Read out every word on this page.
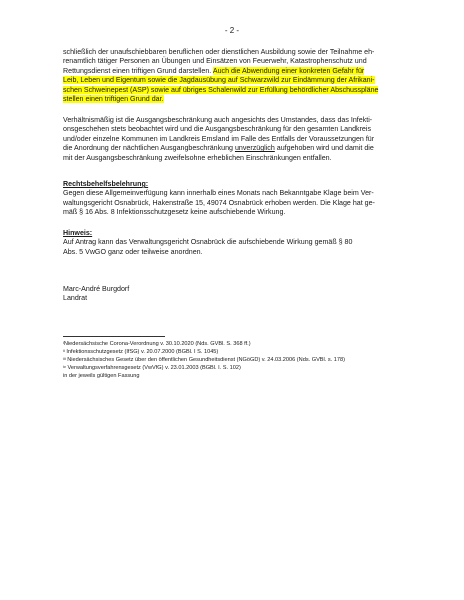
- 2 -
schließlich der unaufschiebbaren beruflichen oder dienstlichen Ausbildung sowie der Teilnahme eh-
renamtlich tätiger Personen an Übungen und Einsätzen von Feuerwehr, Katastrophenschutz und
Rettungsdienst einen triftigen Grund darstellen. Auch die Abwendung einer konkreten Gefahr für
Leib, Leben und Eigentum sowie die Jagdausübung auf Schwarzwild zur Eindämmung der Afrikani-
schen Schweinepest (ASP) sowie auf übriges Schalenwild zur Erfüllung behördlicher Abschusspläne
stellen einen triftigen Grund dar.
Verhältnismäßig ist die Ausgangsbeschränkung auch angesichts des Umstandes, dass das Infekti-
onsgeschehen stets beobachtet wird und die Ausgangsbeschränkung für den gesamten Landkreis
und/oder einzelne Kommunen im Landkreis Emsland im Falle des Entfalls der Voraussetzungen für
die Anordnung der nächtlichen Ausgangbeschränkung unverzüglich aufgehoben wird und damit die
mit der Ausgangsbeschränkung zweifelsohne erheblichen Einschränkungen entfallen.
Rechtsbehelfsbelehrung:
Gegen diese Allgemeinverfügung kann innerhalb eines Monats nach Bekanntgabe Klage beim Ver-
waltungsgericht Osnabrück, Hakenstraße 15, 49074 Osnabrück erhoben werden. Die Klage hat ge-
mäß § 16 Abs. 8 Infektionsschutzgesetz keine aufschiebende Wirkung.
Hinweis:
Auf Antrag kann das Verwaltungsgericht Osnabrück die aufschiebende Wirkung gemäß § 80
Abs. 5 VwGO ganz oder teilweise anordnen.
Marc-André Burgdorf
Landrat
$^i$Niedersächsische Corona-Verordnung v. 30.10.2020 (Nds. GVBl. S. 368 ff.)
$^{ii}$ Infektionsschutzgesetz (IfSG) v. 20.07.2000 (BGBl. I S. 1045)
$^{iii}$ Niedersächsisches Gesetz über den öffentlichen Gesundheitsdienst (NGöGD) v. 24.03.2006 (Nds. GVBl. s. 178)
$^{iv}$ Verwaltungsverfahrensgesetz (VwVfG) v. 23.01.2003 (BGBl. I. S. 102)
in der jeweils gültigen Fassung
